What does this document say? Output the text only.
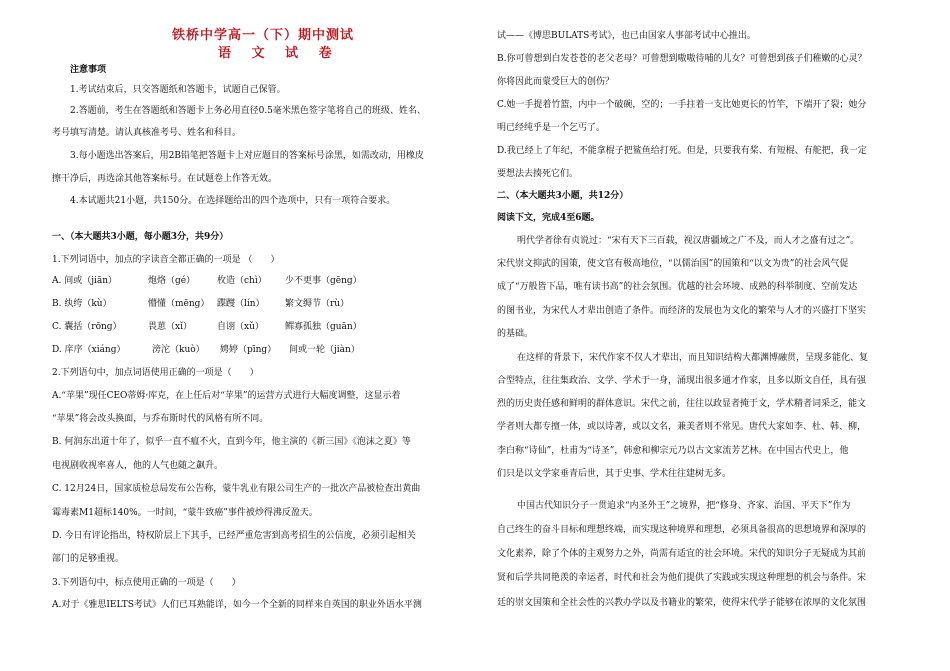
铁桥中学高一（下）期中测试
语 文 试 卷
注意事项
1.考试结束后，只交答题纸和答题卡，试题自己保管。
2.答题前，考生在答题纸和答题卡上务必用直径0.5毫米黑色签字笔将自己的班级、姓名、
考号填写清楚。请认真核准考号、姓名和科目。
3.每小题选出答案后，用2B铅笔把答题卡上对应题目的答案标号涂黑，如需改动，用橡皮
擦干净后，再选涂其他答案标号。在试题卷上作答无效。
4.本试题共21小题，共150分。在选择题给出的四个选项中，只有一项符合要求。
一、（本大题共3小题，每小题3分，共9分）
1.下列词语中，加点的字读音全都正确的一项是 （　　）
A. 间或（jiān）	炮烙（gé） 枚造（chì） 少不更事（gēng）
B. 纨绔（kù）	懵懂（mēng） 蹀躞（lín） 繁文缛节（rù）
C. 囊括（rōng）	畏葸（xǐ）	自诩（xǔ） 鳏寡孤独（guān）
D. 庠序（xiáng）	滂沱（kuò） 娉婷（pīng） 间或一轮（jiàn）
2.下列语句中，加点词语使用正确的一项是（　　）
A.“苹果”现任CEO蒂姆·库克，在上任后对“苹果”的运营方式进行大幅度调整，这显示着
“苹果”将会改头换面，与乔布斯时代的风格有所不同。
B. 何润东出道十年了，似乎一直不瘟不火，直到今年，他主演的《新三国》《泡沫之夏》等
电视剧收视率喜人，他的人气也随之飙升。
C. 12月24日，国家质检总局发布公告称，蒙牛乳业有限公司生产的一批次产品被检查出黄曲
霉毒素M1超标140%。一时间，“蒙牛致癌”事件被炒得沸反盈天。
D. 今日有评论指出，特权阶层上下其手，已经严重危害到高考招生的公信度，必须引起相关
部门的足够重视。
3.下列语句中，标点使用正确的一项是（　　）
A.对于《雅思IELTS考试》人们已耳熟能详，如今一个全新的同样来自英国的职业外语水平测
试——《博思BULATS考试》，也已由国家人事部考试中心推出。
B.你可曾想到白发苍苍的老父老母？可曾想到嗷嗷待哺的儿女？可曾想到孩子们稚嫩的心灵？
你将因此而蒙受巨大的创伤？
C.她一手提着竹篮，内中一个破碗，空的；一手拄着一支比她更长的竹竿，下端开了裂；她分
明已经纯乎是一个乞丐了。
D.我已经上了年纪，不能拿棍子把鲨鱼给打死。但是，只要我有桨、有短棍、有舵把，我一定
要想法去揍死它们。
二、（本大题共3小题，共12分）
阅读下文，完成4至6题。
明代学者徐有贞说过：“宋有天下三百载，视汉唐疆域之广不及，而人才之盛有过之”。
宋代崇文抑武的国策，使文官有极高地位，“以儒治国”的国策和“以文为贵”的社会风气促
成了“万般皆下品，唯有读书高”的社会氛围。优越的社会环境、成熟的科举制度、空前发达
的图书业，为宋代人才辈出创造了条件。而经济的发展也为文化的繁荣与人才的兴盛打下坚实
的基础。
在这样的背景下，宋代作家不仅人才辈出，而且知识结构大都渊博融贯，呈现多能化、复
合型特点，往往集政治、文学、学术于一身，涌现出很多通才作家，且多以斯文自任，具有强
烈的历史责任感和鲜明的群体意识。宋代之前，往往以政显者掩于文，学术精者词采乏，能文
学者则大都专擅一体，或以诗著，或以文名，兼美者则不常见。唐代大家如李、杜、韩、柳，
李白称“诗仙”，杜甫为“诗圣”，韩愈和柳宗元乃以古文家流芳艺林。在中国古代史上，他
们只是以文学家垂青后世，其于史事、学术往往建树无多。
中国古代知识分子一贯追求“内圣外王”之境界，把“修身、齐家、治国、平天下”作为
自己终生的奋斗目标和理想终端，而实现这种境界和理想，必须具备很高的思想境界和深厚的
文化素养，除了个体的主观努力之外，尚需有适宜的社会环境。宋代的知识分子无疑成为其前
贤和后学共同艳羡的幸运者，时代和社会为他们提供了实践或实现这种理想的机会与条件。宋
廷的崇文国策和全社会性的兴教办学以及书籍业的繁荣，使得宋代学子能够在浓厚的文化氛围
